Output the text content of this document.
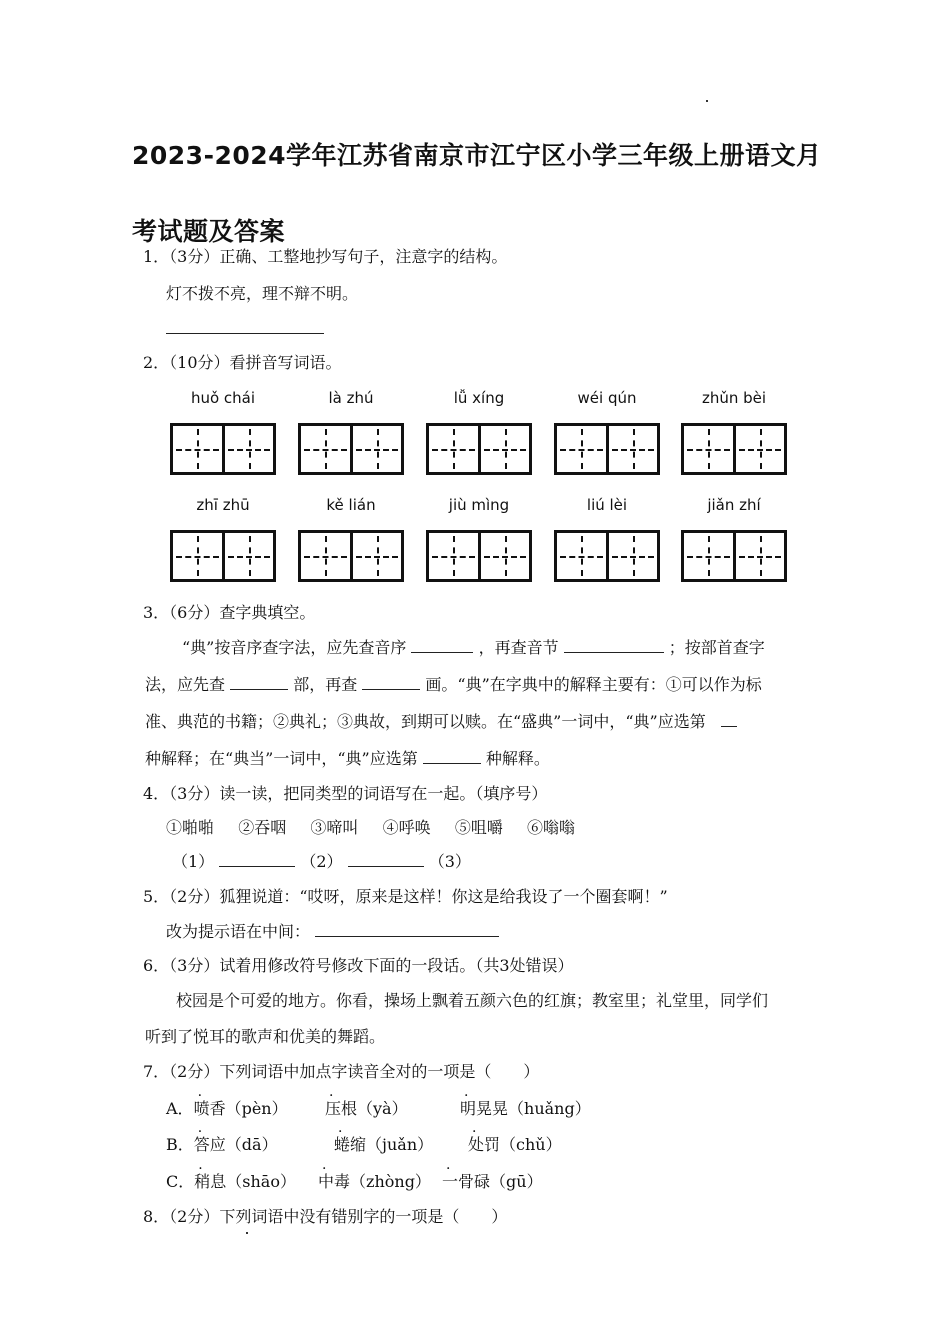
2023-2024学年江苏省南京市江宁区小学三年级上册语文月
考试题及答案
1．（3分）正确、工整地抄写句子，注意字的结构。
灯不拨不亮，理不辩不明。
2．（10分）看拼音写词语。
huǒ chái	là zhú	lǚ xíng	wéi qún	zhǔn bèi
zhī zhū	kě lián	jiù mìng	liú lèi	jiǎn zhí
3．（6分）查字典填空。
“典”按音序查字法，应先查音序	，再查音节	；按部首查字
法，应先查	部，再查	画。“典”在字典中的解释主要有：①可以作为标
准、典范的书籍；②典礼；③典故，到期可以赎。在“盛典”一词中，“典”应选第
种解释；在“典当”一词中，“典”应选第	种解释。
4．（3分）读一读，把同类型的词语写在一起。（填序号）
①啪啪 ②吞咽 ③啼叫 ④呼唤 ⑤咀嚼 ⑥嗡嗡
（1）	（2）	（3）
5．（2分）狐狸说道：“哎呀，原来是这样！你这是给我设了一个圈套啊！”
改为提示语在中间：
6．（3分）试着用修改符号修改下面的一段话。（共3处错误）
校园是个可爱的地方。你看，操场上飘着五颜六色的红旗；教室里；礼堂里，同学们
听到了悦耳的歌声和优美的舞蹈。
7．（2分）下列词语中加点字读音全对的一项是（　　）
A．喷香（pèn） 压根（yà）	明晃晃（huǎng）
B．答应（dā）	蜷缩（juǎn） 处罚（chǔ）
C．稍息（shāo） 中毒（zhòng） 一骨碌（gū）
8．（2分）下列词语中没有错别字的一项是（　　）
